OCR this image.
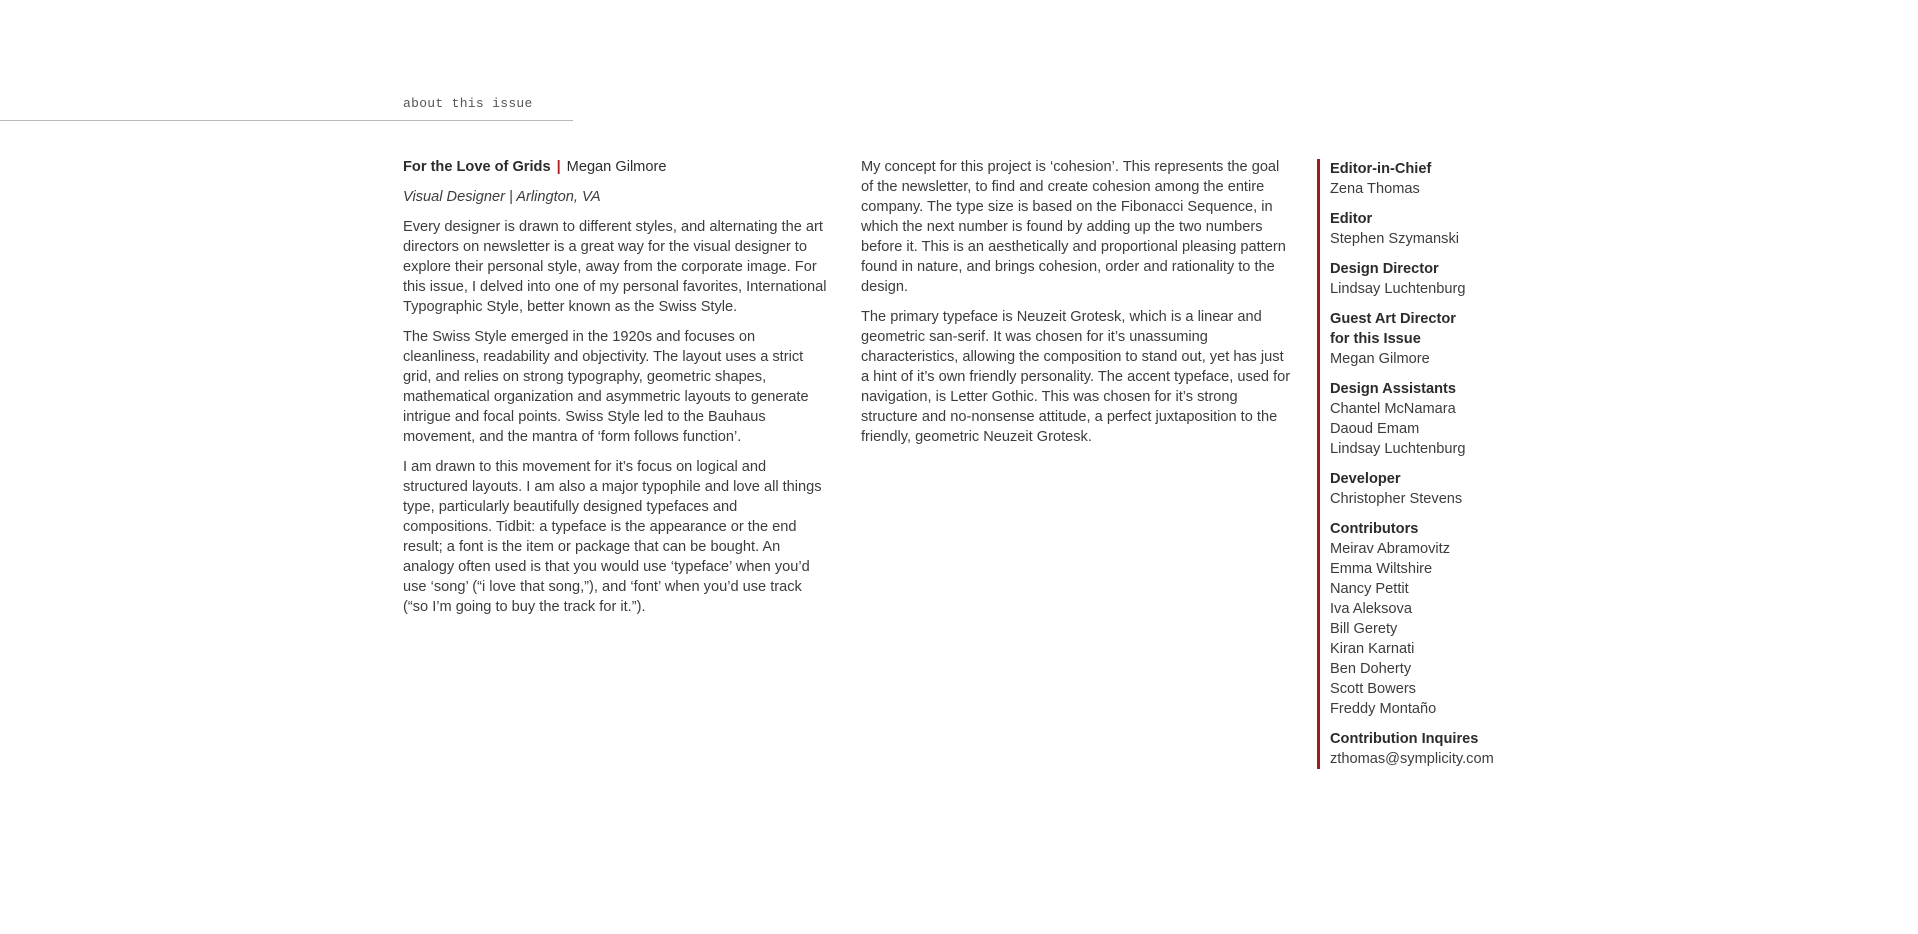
about this issue

For the Love of Grids | Megan Gilmore

Visual Designer | Arlington, VA

Every designer is drawn to different styles, and alternating the art directors on newsletter is a great way for the visual designer to explore their personal style, away from the corporate image. For this issue, I delved into one of my personal favorites, International Typographic Style, better known as the Swiss Style.

The Swiss Style emerged in the 1920s and focuses on cleanliness, readability and objectivity. The layout uses a strict grid, and relies on strong typography, geometric shapes, mathematical organization and asymmetric layouts to generate intrigue and focal points. Swiss Style led to the Bauhaus movement, and the mantra of ‘form follows function’.

I am drawn to this movement for it’s focus on logical and structured layouts. I am also a major typophile and love all things type, particularly beautifully designed typefaces and compositions. Tidbit: a typeface is the appearance or the end result; a font is the item or package that can be bought. An analogy often used is that you would use ‘typeface’ when you’d use ‘song’ (“i love that song,”), and ‘font’ when you’d use track (“so I’m going to buy the track for it.”).

My concept for this project is ‘cohesion’. This represents the goal of the newsletter, to find and create cohesion among the entire company. The type size is based on the Fibonacci Sequence, in which the next number is found by adding up the two numbers before it. This is an aesthetically and proportional pleasing pattern found in nature, and brings cohesion, order and rationality to the design.

The primary typeface is Neuzeit Grotesk, which is a linear and geometric san-serif. It was chosen for it’s unassuming characteristics, allowing the composition to stand out, yet has just a hint of it’s own friendly personality. The accent typeface, used for navigation, is Letter Gothic. This was chosen for it’s strong structure and no-nonsense attitude, a perfect juxtaposition to the friendly, geometric Neuzeit Grotesk.

Editor-in-Chief
Zena Thomas
Editor
Stephen Szymanski
Design Director
Lindsay Luchtenburg
Guest Art Director
for this Issue
Megan Gilmore
Design Assistants
Chantel McNamara
Daoud Emam
Lindsay Luchtenburg
Developer
Christopher Stevens
Contributors
Meirav Abramovitz
Emma Wiltshire
Nancy Pettit
Iva Aleksova
Bill Gerety
Kiran Karnati
Ben Doherty
Scott Bowers
Freddy Montaño
Contribution Inquires
zthomas@symplicity.com
